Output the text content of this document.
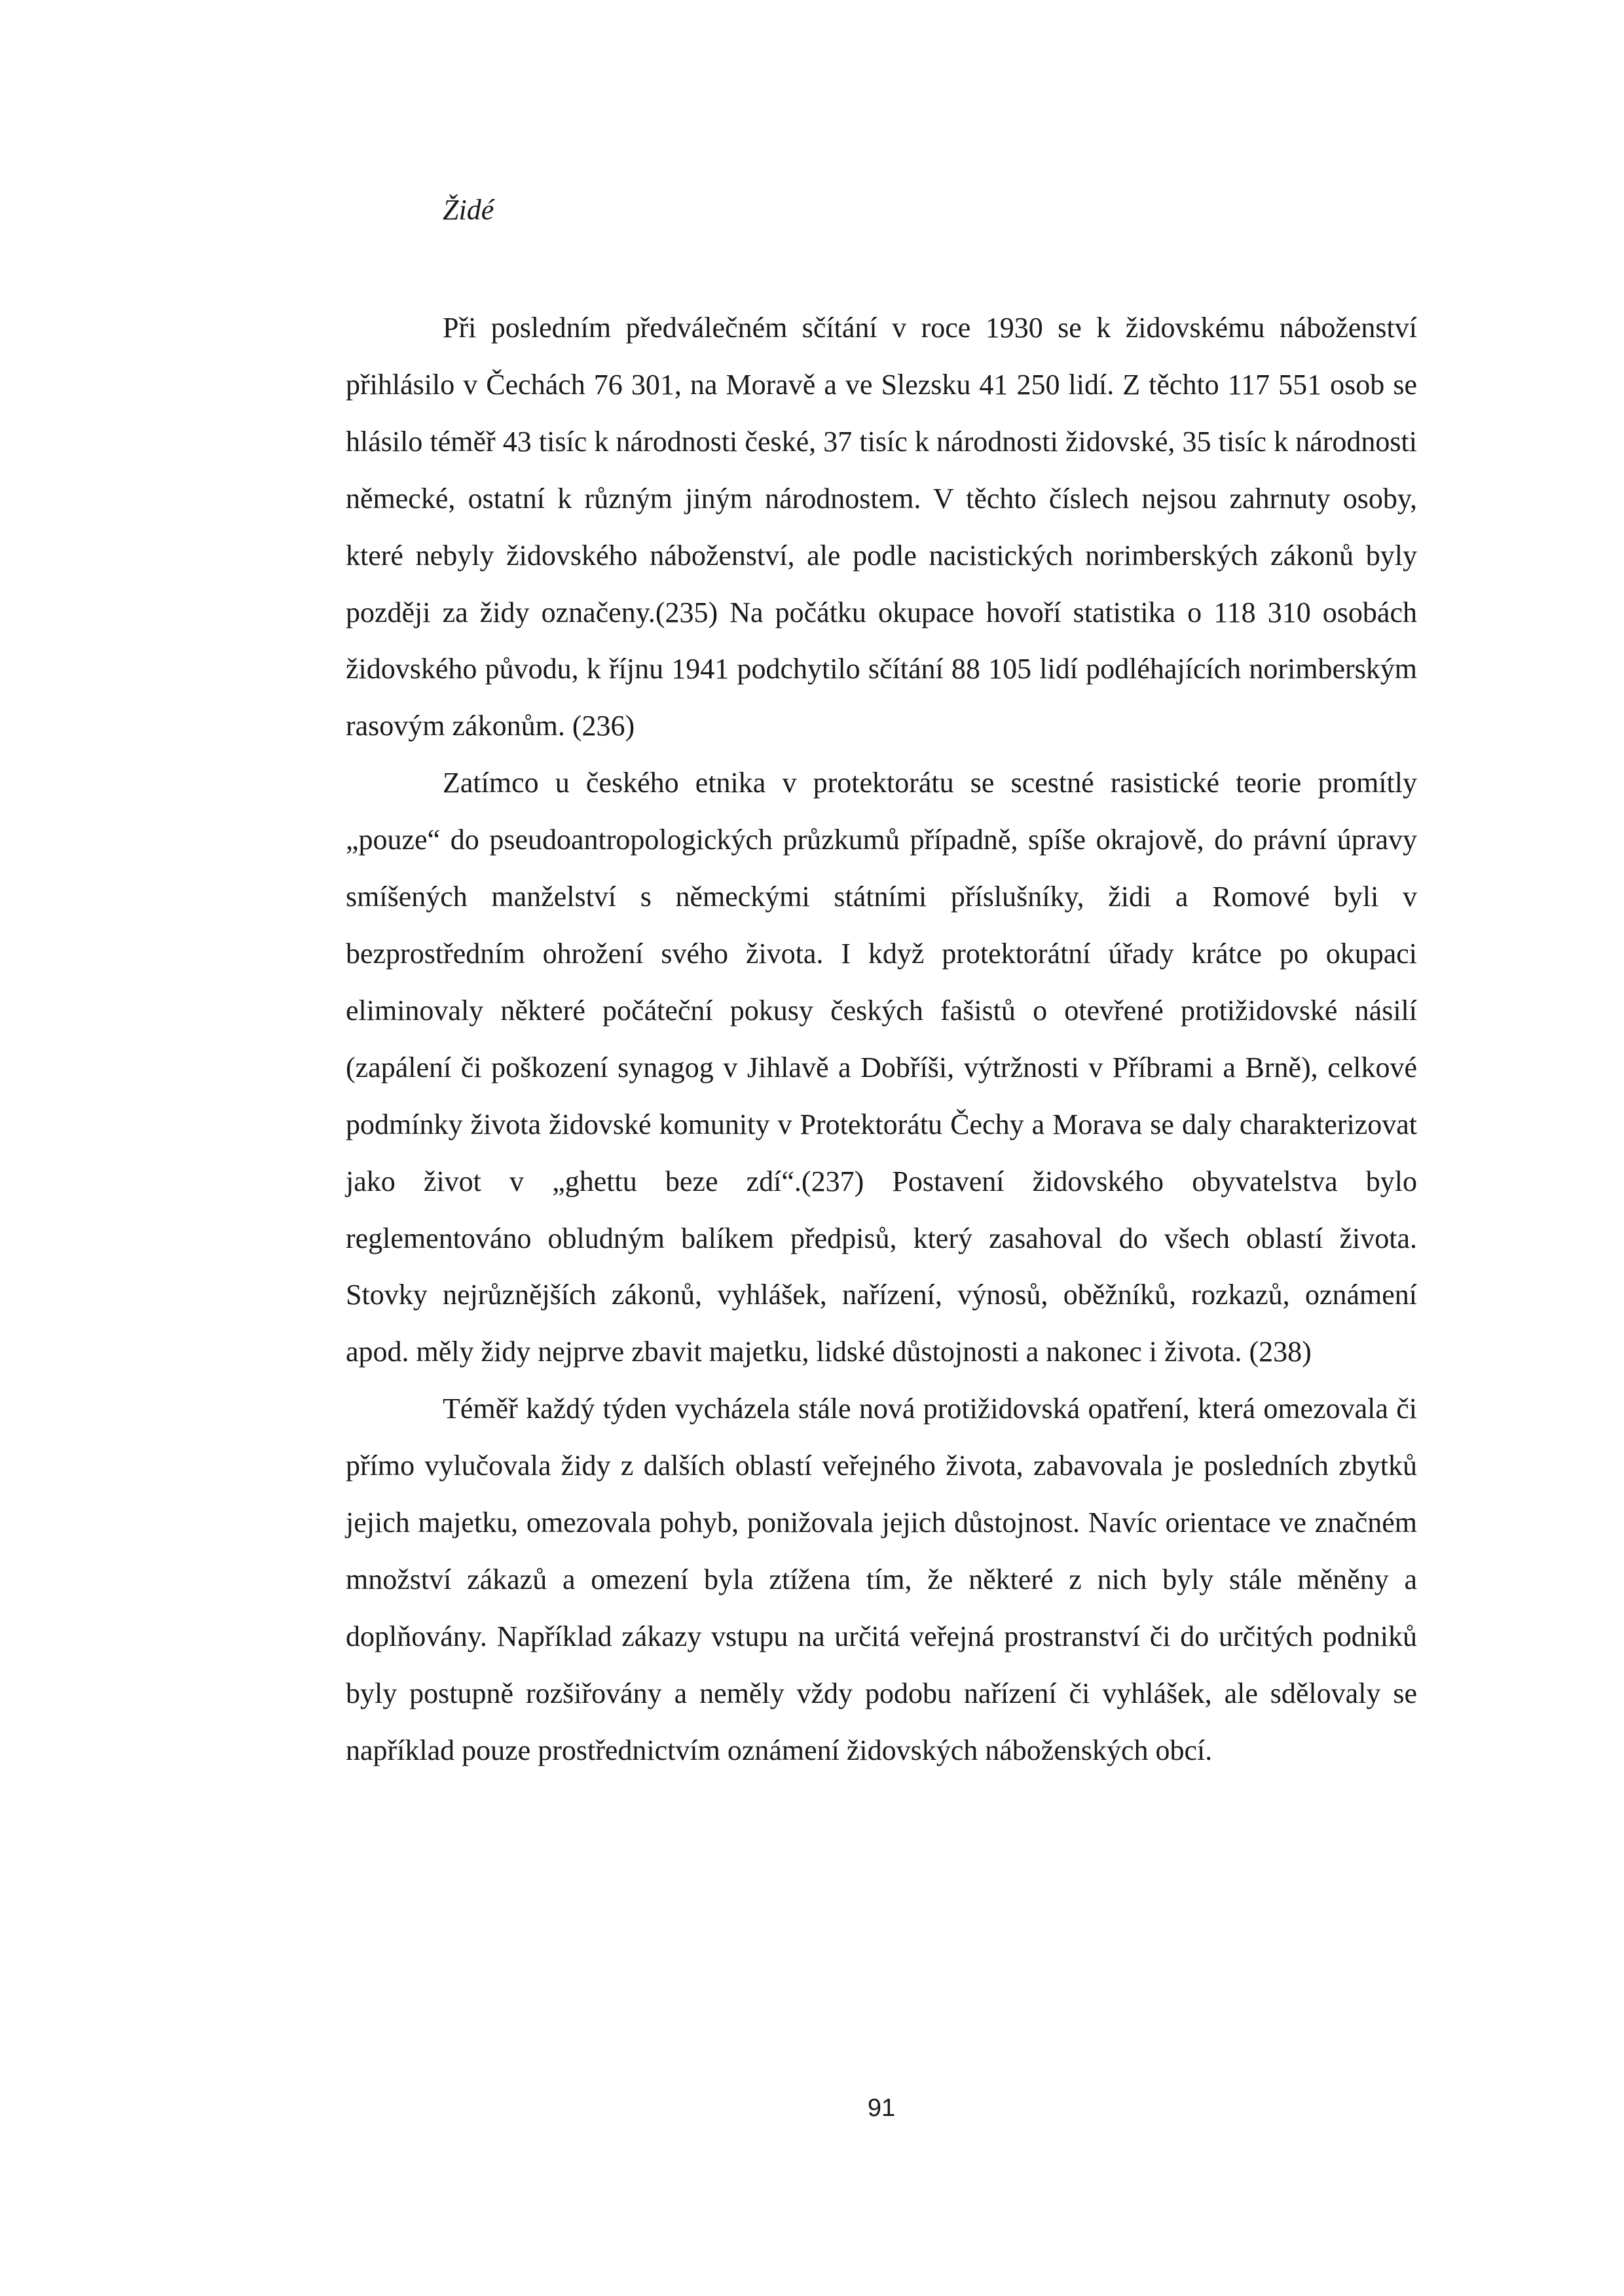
Židé

Při posledním předválečném sčítání v roce 1930 se k židovskému náboženství přihlásilo v Čechách 76 301, na Moravě a ve Slezsku 41 250 lidí. Z těchto 117 551 osob se hlásilo téměř 43 tisíc k národnosti české, 37 tisíc k národnosti židovské, 35 tisíc k národnosti německé, ostatní k různým jiným národnostem. V těchto číslech nejsou zahrnuty osoby, které nebyly židovského náboženství, ale podle nacistických norimberských zákonů byly později za židy označeny.(235) Na počátku okupace hovoří statistika o 118 310 osobách židovského původu, k říjnu 1941 podchytilo sčítání 88 105 lidí podléhajících norimberským rasovým zákonům. (236)

Zatímco u českého etnika v protektorátu se scestné rasistické teorie promítly „pouze“ do pseudoantropologických průzkumů případně, spíše okrajově, do právní úpravy smíšených manželství s německými státními příslušníky, židi a Romové byli v bezprostředním ohrožení svého života. I když protektorátní úřady krátce po okupaci eliminovaly některé počáteční pokusy českých fašistů o otevřené protižidovské násilí (zapálení či poškození synagog v Jihlavě a Dobříši, výtržnosti v Příbrami a Brně), celkové podmínky života židovské komunity v Protektorátu Čechy a Morava se daly charakterizovat jako život v „ghettu beze zdí“.(237) Postavení židovského obyvatelstva bylo reglementováno obludným balíkem předpisů, který zasahoval do všech oblastí života. Stovky nejrůznějších zákonů, vyhlášek, nařízení, výnosů, oběžníků, rozkazů, oznámení apod. měly židy nejprve zbavit majetku, lidské důstojnosti a nakonec i života. (238)

Téměř každý týden vycházela stále nová protižidovská opatření, která omezovala či přímo vylučovala židy z dalších oblastí veřejného života, zabavovala je posledních zbytků jejich majetku, omezovala pohyb, ponižovala jejich důstojnost. Navíc orientace ve značném množství zákazů a omezení byla ztížena tím, že některé z nich byly stále měněny a doplňovány. Například zákazy vstupu na určitá veřejná prostranství či do určitých podniků byly postupně rozšiřovány a neměly vždy podobu nařízení či vyhlášek, ale sdělovaly se například pouze prostřednictvím oznámení židovských náboženských obcí.

91
